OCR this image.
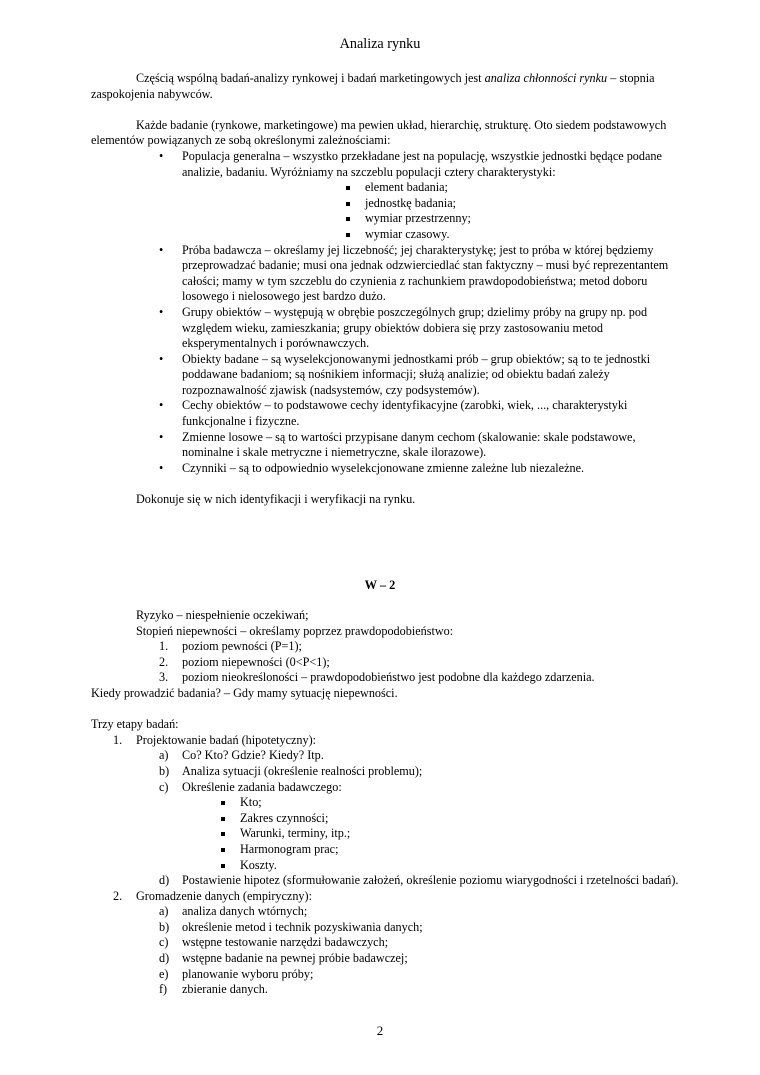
Analiza rynku

Częścią wspólną badań-analizy rynkowej i badań marketingowych jest analiza chłonności rynku – stopnia zaspokojenia nabywców.

Każde badanie (rynkowe, marketingowe) ma pewien układ, hierarchię, strukturę. Oto siedem podstawowych elementów powiązanych ze sobą określonymi zależnościami:

• Populacja generalna – wszystko przekładane jest na populację, wszystkie jednostki będące podane analizie, badaniu. Wyróżniamy na szczeblu populacji cztery charakterystyki:
element badania;
jednostkę badania;
wymiar przestrzenny;
wymiar czasowy.
• Próba badawcza – określamy jej liczebność; jej charakterystykę; jest to próba w której będziemy przeprowadzać badanie; musi ona jednak odzwierciedlać stan faktyczny – musi być reprezentantem całości; mamy w tym szczeblu do czynienia z rachunkiem prawdopodobieństwa; metod doboru losowego i nielosowego jest bardzo dużo.
• Grupy obiektów – występują w obrębie poszczególnych grup; dzielimy próby na grupy np. pod względem wieku, zamieszkania; grupy obiektów dobiera się przy zastosowaniu metod eksperymentalnych i porównawczych.
• Obiekty badane – są wyselekcjonowanymi jednostkami prób – grup obiektów; są to te jednostki poddawane badaniom; są nośnikiem informacji; służą analizie; od obiektu badań zależy rozpoznawalność zjawisk (nadsystemów, czy podsystemów).
• Cechy obiektów – to podstawowe cechy identyfikacyjne (zarobki, wiek, ..., charakterystyki funkcjonalne i fizyczne.
• Zmienne losowe – są to wartości przypisane danym cechom (skalowanie: skale podstawowe, nominalne i skale metryczne i niemetryczne, skale ilorazowe).
• Czynniki – są to odpowiednio wyselekcjonowane zmienne zależne lub niezależne.

Dokonuje się w nich identyfikacji i weryfikacji na rynku.

W – 2

Ryzyko – niespełnienie oczekiwań;

Stopień niepewności – określamy poprzez prawdopodobieństwo:

1. poziom pewności (P=1);
2. poziom niepewności (0<P<1);
3. poziom nieokreśloności – prawdopodobieństwo jest podobne dla każdego zdarzenia.

Kiedy prowadzić badania? – Gdy mamy sytuację niepewności.

Trzy etapy badań:

1. Projektowanie badań (hipotetyczny):
a) Co? Kto? Gdzie? Kiedy? Itp.
b) Analiza sytuacji (określenie realności problemu);
c) Określenie zadania badawczego:
Kto;
Zakres czynności;
Warunki, terminy, itp.;
Harmonogram prac;
Koszty.
d) Postawienie hipotez (sformułowanie założeń, określenie poziomu wiarygodności i rzetelności badań).
2. Gromadzenie danych (empiryczny):
a) analiza danych wtórnych;
b) określenie metod i technik pozyskiwania danych;
c) wstępne testowanie narzędzi badawczych;
d) wstępne badanie na pewnej próbie badawczej;
e) planowanie wyboru próby;
f) zbieranie danych.
2
